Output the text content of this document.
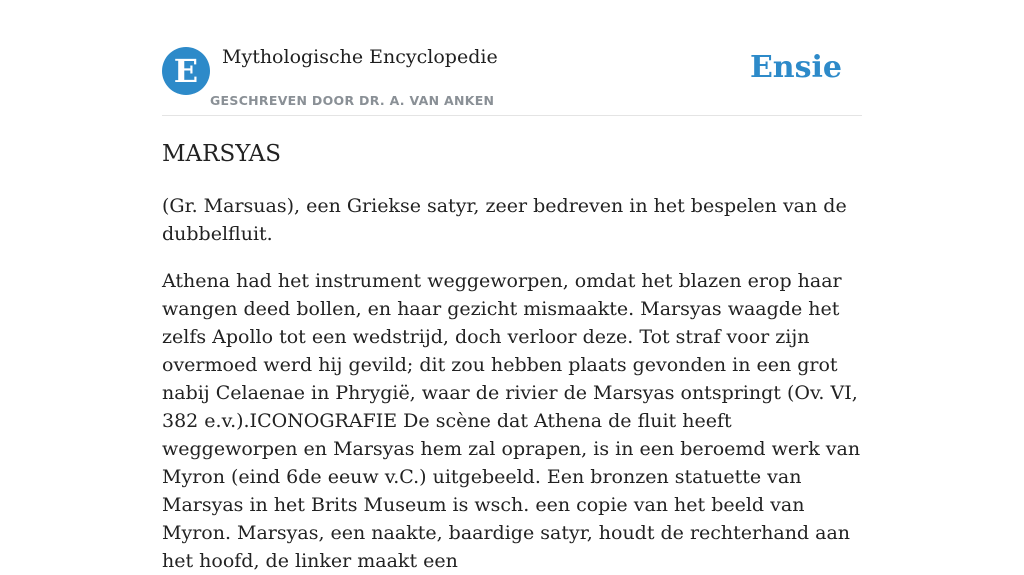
E	Mythologische Encyclopedie
GESCHREVEN DOOR DR. A. VAN ANKEN
Ensie
MARSYAS

(Gr. Marsuas), een Griekse satyr, zeer bedreven in het bespelen van de dubbelfluit.

Athena had het instrument weggeworpen, omdat het blazen erop haar wangen deed bollen, en haar gezicht mismaakte. Marsyas waagde het zelfs Apollo tot een wedstrijd, doch verloor deze. Tot straf voor zijn overmoed werd hij gevild; dit zou hebben plaats gevonden in een grot nabij Celaenae in Phrygië, waar de rivier de Marsyas ontspringt (Ov. VI, 382 e.v.).ICONOGRAFIE De scène dat Athena de fluit heeft weggeworpen en Marsyas hem zal oprapen, is in een beroemd werk van Myron (eind 6de eeuw v.C.) uitgebeeld. Een bronzen statuette van Marsyas in het Brits Museum is wsch. een copie van het beeld van Myron. Marsyas, een naakte, baardige satyr, houdt de rechterhand aan het hoofd, de linker maakt een
